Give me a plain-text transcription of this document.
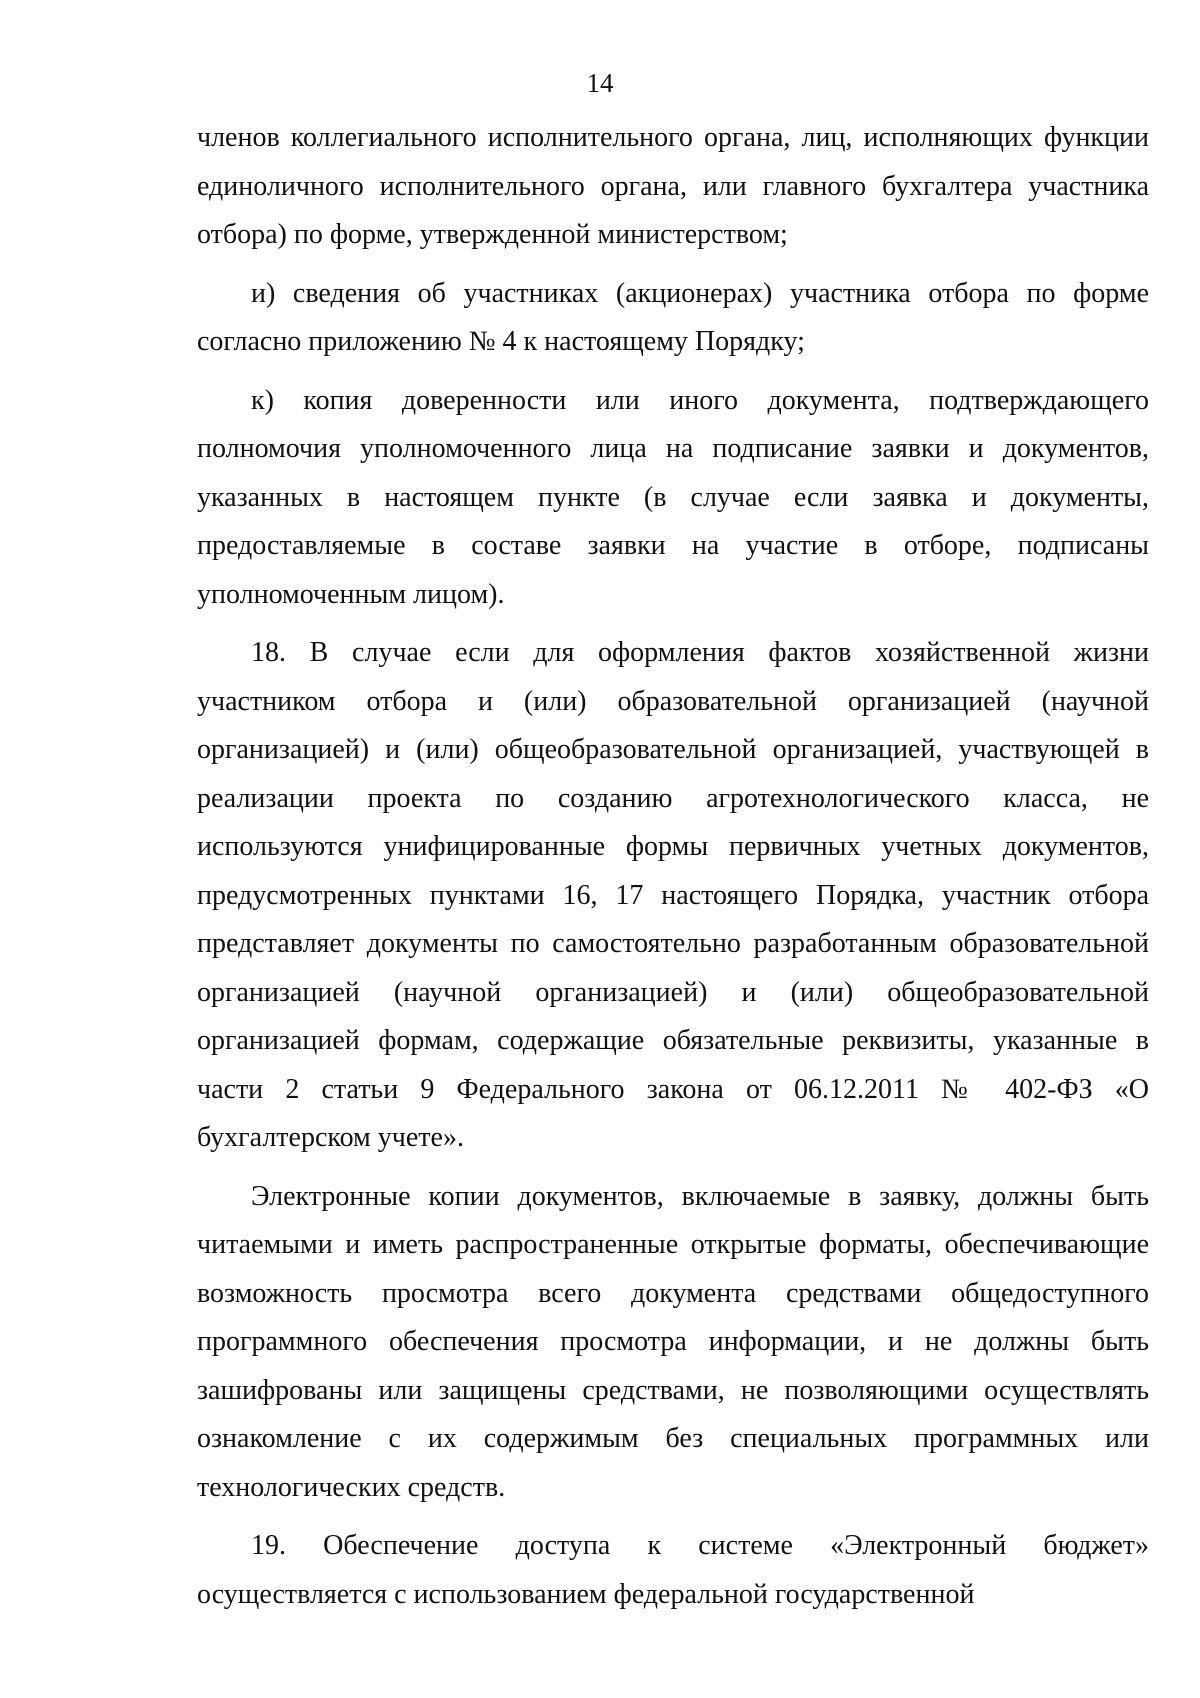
14

членов коллегиального исполнительного органа, лиц, исполняющих функции единоличного исполнительного органа, или главного бухгалтера участника отбора) по форме, утвержденной министерством;

и) сведения об участниках (акционерах) участника отбора по форме согласно приложению № 4 к настоящему Порядку;

к) копия доверенности или иного документа, подтверждающего полномочия уполномоченного лица на подписание заявки и документов, указанных в настоящем пункте (в случае если заявка и документы, предоставляемые в составе заявки на участие в отборе, подписаны уполномоченным лицом).

18. В случае если для оформления фактов хозяйственной жизни участником отбора и (или) образовательной организацией (научной организацией) и (или) общеобразовательной организацией, участвующей в реализации проекта по созданию агротехнологического класса, не используются унифицированные формы первичных учетных документов, предусмотренных пунктами 16, 17 настоящего Порядка, участник отбора представляет документы по самостоятельно разработанным образовательной организацией (научной организацией) и (или) общеобразовательной организацией формам, содержащие обязательные реквизиты, указанные в части 2 статьи 9 Федерального закона от 06.12.2011 № 402-ФЗ «О бухгалтерском учете».

Электронные копии документов, включаемые в заявку, должны быть читаемыми и иметь распространенные открытые форматы, обеспечивающие возможность просмотра всего документа средствами общедоступного программного обеспечения просмотра информации, и не должны быть зашифрованы или защищены средствами, не позволяющими осуществлять ознакомление с их содержимым без специальных программных или технологических средств.

19. Обеспечение доступа к системе «Электронный бюджет» осуществляется с использованием федеральной государственной
